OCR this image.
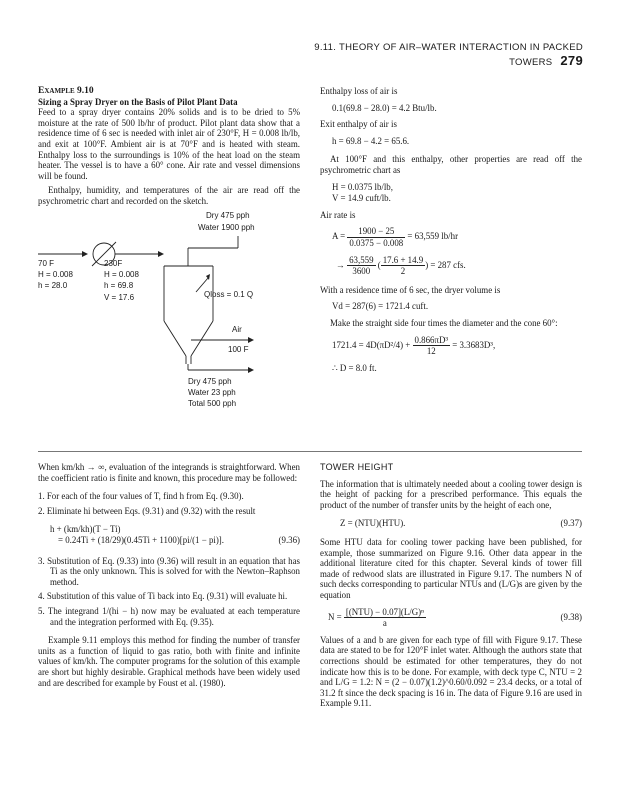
9.11. THEORY OF AIR–WATER INTERACTION IN PACKED TOWERS 279
Example 9.10
Sizing a Spray Dryer on the Basis of Pilot Plant Data

Feed to a spray dryer contains 20% solids and is to be dried to 5% moisture at the rate of 500 lb/hr of product. Pilot plant data show that a residence time of 6 sec is needed with inlet air of 230°F, H = 0.008 lb/lb, and exit at 100°F. Ambient air is at 70°F and is heated with steam. Enthalpy loss to the surroundings is 10% of the heat load on the steam heater. The vessel is to have a 60° cone. Air rate and vessel dimensions will be found.

Enthalpy, humidity, and temperatures of the air are read off the psychrometric chart and recorded on the sketch.

Dry 475 pph
Water 1900 pph
Qloss = 0.1 Q
Air
100 F
70 F
H = 0.008
h = 28.0
230F
H = 0.008
h = 69.8
V = 17.6
Dry 475 pph
Water 23 pph
Total 500 pph

Enthalpy loss of air is

0.1(69.8 − 28.0) = 4.2 Btu/lb.

Exit enthalpy of air is

h = 69.8 − 4.2 = 65.6.

At 100°F and this enthalpy, other properties are read off the psychrometric chart as

H = 0.0375 lb/lb,
V = 14.9 cuft/lb.

Air rate is

$A = \frac{1900 - 25}{0.0375 - 0.008} = 63,559$ lb/hr
→ $\frac{63,559}{3600}$ ( $\frac{17.6 + 14.9}{2}$ ) = 287 cfs.

With a residence time of 6 sec, the dryer volume is

Vd = 287(6) = 1721.4 cuft.

Make the straight side four times the diameter and the cone 60°:

$1721.4 = 4D(\pi D^2/4) + \frac{\text{0.866πD³}}{12} = 3.3683D^3$,

∴ D = 8.0 ft.

When km/kh → ∞, evaluation of the integrands is straightforward. When the coefficient ratio is finite and known, this procedure may be followed:

1. For each of the four values of T, find h from Eq. (9.30).
2. Eliminate hi between Eqs. (9.31) and (9.32) with the result
h + (km/kh)(T − Ti)
= 0.24Ti + (18/29)(0.45Ti + 1100)[pi/(1 − pi)].	(9.36)
3. Substitution of Eq. (9.33) into (9.36) will result in an equation that has Ti as the only unknown. This is solved for with the Newton–Raphson method.
4. Substitution of this value of Ti back into Eq. (9.31) will evaluate hi.
5. The integrand 1/(hi − h) now may be evaluated at each temperature and the integration performed with Eq. (9.35).

Example 9.11 employs this method for finding the number of transfer units as a function of liquid to gas ratio, both with finite and infinite values of km/kh. The computer programs for the solution of this example are short but highly desirable. Graphical methods have been widely used and are described for example by Foust et al. (1980).

TOWER HEIGHT

The information that is ultimately needed about a cooling tower design is the height of packing for a prescribed performance. This equals the product of the number of transfer units by the height of each one,

Z = (NTU)(HTU).	(9.37)

Some HTU data for cooling tower packing have been published, for example, those summarized on Figure 9.16. Other data appear in the additional literature cited for this chapter. Several kinds of tower fill made of redwood slats are illustrated in Figure 9.17. The numbers N of such decks corresponding to particular NTUs and (L/G)s are given by the equation

$N = \frac{\text{[(NTU) − 0.07](L/G)ⁿ}}{a}$	(9.38)

Values of a and b are given for each type of fill with Figure 9.17. These data are stated to be for 120°F inlet water. Although the authors state that corrections should be estimated for other temperatures, they do not indicate how this is to be done. For example, with deck type C, NTU = 2 and L/G = 1.2: N = (2 − 0.07)(1.2)^0.60/0.092 = 23.4 decks, or a total of 31.2 ft since the deck spacing is 16 in. The data of Figure 9.16 are used in Example 9.11.
